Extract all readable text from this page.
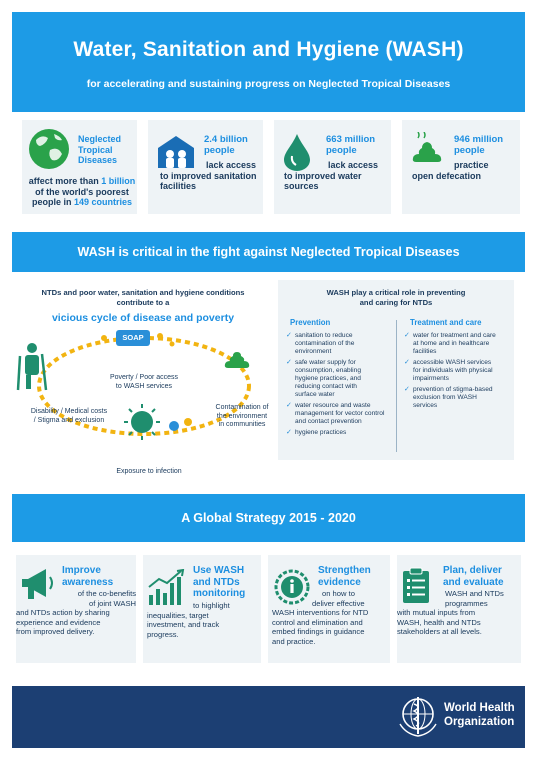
Water, Sanitation and Hygiene (WASH)
for accelerating and sustaining progress on Neglected Tropical Diseases
Neglected
Tropical
Diseases
affect more than 1 billion
of the world's poorest
people in 149 countries
2.4 billion
people
lack access
to improved sanitation
facilities
663 million
people
lack access
to improved water
sources
946 million
people
practice
open defecation
WASH is critical in the fight against Neglected Tropical Diseases
NTDs and poor water, sanitation and hygiene conditions
contribute to a
vicious cycle of disease and poverty
SOAP
Poverty / Poor access
to WASH services
Disability / Medical costs
/ Stigma and exclusion
Contamination of
the environment
in communities
Exposure to infection
WASH play a critical role in preventing
and caring for NTDs
Prevention	Treatment and care
✓ sanitation to reduce
contamination of the
environment
✓ safe water supply for
consumption, enabling
hygiene practices, and
reducing contact with
surface water
✓ water resource and waste
management for vector control
and contact prevention
✓ hygiene practices
✓ water for treatment and care
at home and in healthcare
facilities
✓ accessible WASH services
for individuals with physical
impairments
✓ prevention of stigma-based
exclusion from WASH
services
A Global Strategy 2015 - 2020
Improve
awareness
of the co-benefits
of joint WASH
and NTDs action by sharing
experience and evidence
from improved delivery.
Use WASH
and NTDs
monitoring
to highlight
inequalities, target
investment, and track
progress.
Strengthen
evidence
on how to
deliver effective
WASH interventions for NTD
control and elimination and
embed findings in guidance
and practice.
Plan, deliver
and evaluate
WASH and NTDs
programmes
with mutual inputs from
WASH, health and NTDs
stakeholders at all levels.
World Health
Organization
